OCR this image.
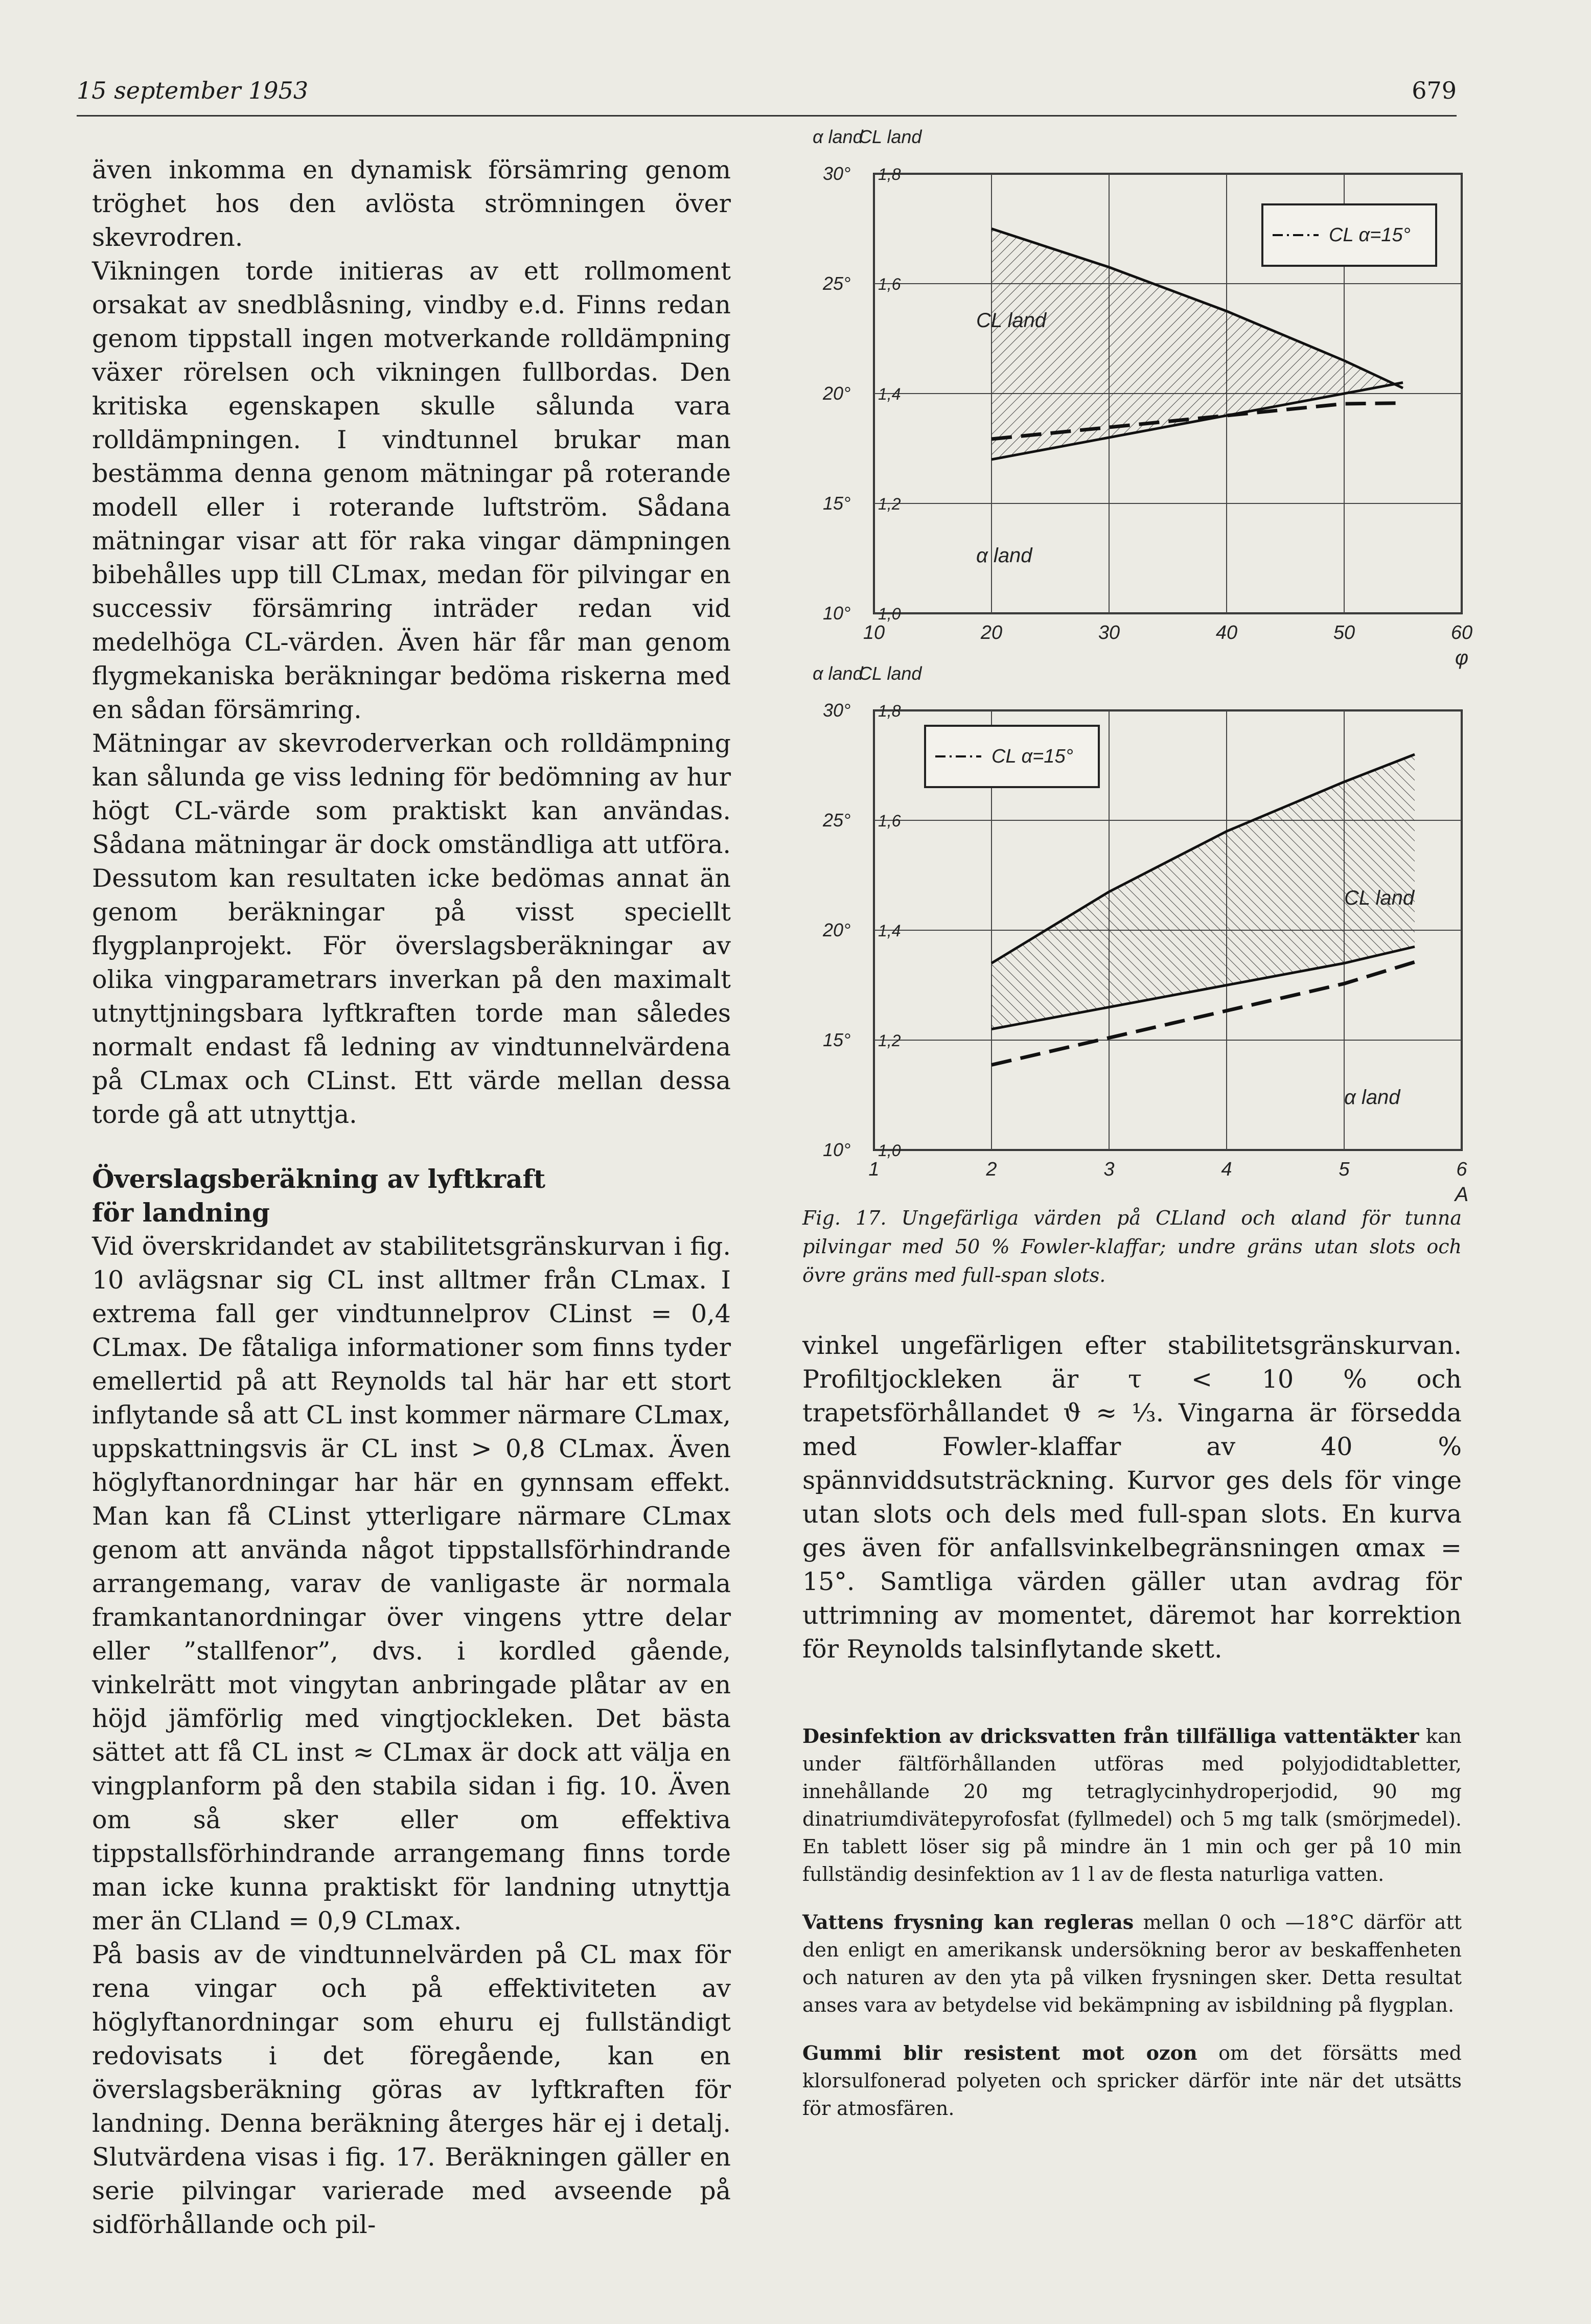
15 september 1953	679

även inkomma en dynamisk försämring genom tröghet hos den avlösta strömningen över skevrodren.

Vikningen torde initieras av ett rollmoment orsakat av snedblåsning, vindby e.d. Finns redan genom tippstall ingen motverkande rolldämpning växer rörelsen och vikningen fullbordas. Den kritiska egenskapen skulle sålunda vara rolldämpningen. I vindtunnel brukar man bestämma denna genom mätningar på roterande modell eller i roterande luftström. Sådana mätningar visar att för raka vingar dämpningen bibehålles upp till CLmax, medan för pilvingar en successiv försämring inträder redan vid medelhöga CL-värden. Även här får man genom flygmekaniska beräkningar bedöma riskerna med en sådan försämring.

Mätningar av skevroderverkan och rolldämpning kan sålunda ge viss ledning för bedömning av hur högt CL-värde som praktiskt kan användas. Sådana mätningar är dock omständliga att utföra. Dessutom kan resultaten icke bedömas annat än genom beräkningar på visst speciellt flygplanprojekt. För överslagsberäkningar av olika vingparametrars inverkan på den maximalt utnyttjningsbara lyftkraften torde man således normalt endast få ledning av vindtunnelvärdena på CLmax och CLinst. Ett värde mellan dessa torde gå att utnyttja.

Överslagsberäkning av lyftkraft
för landning

Vid överskridandet av stabilitetsgränskurvan i fig. 10 avlägsnar sig CL inst alltmer från CLmax. I extrema fall ger vindtunnelprov CLinst = 0,4 CLmax. De fåtaliga informationer som finns tyder emellertid på att Reynolds tal här har ett stort inflytande så att CL inst kommer närmare CLmax, uppskattningsvis är CL inst > 0,8 CLmax. Även höglyftanordningar har här en gynnsam effekt. Man kan få CLinst ytterligare närmare CLmax genom att använda något tippstallsförhindrande arrangemang, varav de vanligaste är normala framkantanordningar över vingens yttre delar eller ”stallfenor”, dvs. i kordled gående, vinkelrätt mot vingytan anbringade plåtar av en höjd jämförlig med vingtjockleken. Det bästa sättet att få CL inst ≈ CLmax är dock att välja en vingplanform på den stabila sidan i fig. 10. Även om så sker eller om effektiva tippstallsförhindrande arrangemang finns torde man icke kunna praktiskt för landning utnyttja mer än CLland = 0,9 CLmax.

På basis av de vindtunnelvärden på CL max för rena vingar och på effektiviteten av höglyftanordningar som ehuru ej fullständigt redovisats i det föregående, kan en överslagsberäkning göras av lyftkraften för landning. Denna beräkning återges här ej i detalj. Slutvärdena visas i fig. 17. Beräkningen gäller en serie pilvingar varierade med avseende på sidförhållande och pil-

10° 1,0
15° 1,2
20° 1,4
25° 1,6
30° 1,8
10	20	30	40	50	60
α land
CL land
φ
CL α=15°
CL land
α land
10° 1,0
15° 1,2
20° 1,4
25° 1,6
30° 1,8
1	2	3	4	5	6
α land
CL land
A
CL α=15°
CL land
α land
Fig. 17. Ungefärliga värden på CLland och αland för tunna pilvingar med 50 % Fowler-klaffar; undre gräns utan slots och övre gräns med full-span slots.

vinkel ungefärligen efter stabilitetsgränskurvan. Profiltjockleken är τ < 10 % och trapetsförhållandet ϑ ≈ ⅓. Vingarna är försedda med Fowler-klaffar av 40 % spännviddsutsträckning. Kurvor ges dels för vinge utan slots och dels med full-span slots. En kurva ges även för anfallsvinkelbegränsningen αmax = 15°. Samtliga värden gäller utan avdrag för uttrimning av momentet, däremot har korrektion för Reynolds talsinflytande skett.

Desinfektion av dricksvatten från tillfälliga vattentäkter kan under fältförhållanden utföras med polyjodidtabletter, innehållande 20 mg tetraglycinhydroperjodid, 90 mg dinatriumdivätepyrofosfat (fyllmedel) och 5 mg talk (smörjmedel). En tablett löser sig på mindre än 1 min och ger på 10 min fullständig desinfektion av 1 l av de flesta naturliga vatten.

Vattens frysning kan regleras mellan 0 och —18°C därför att den enligt en amerikansk undersökning beror av beskaffenheten och naturen av den yta på vilken frysningen sker. Detta resultat anses vara av betydelse vid bekämpning av isbildning på flygplan.

Gummi blir resistent mot ozon om det försätts med klorsulfonerad polyeten och spricker därför inte när det utsätts för atmosfären.
